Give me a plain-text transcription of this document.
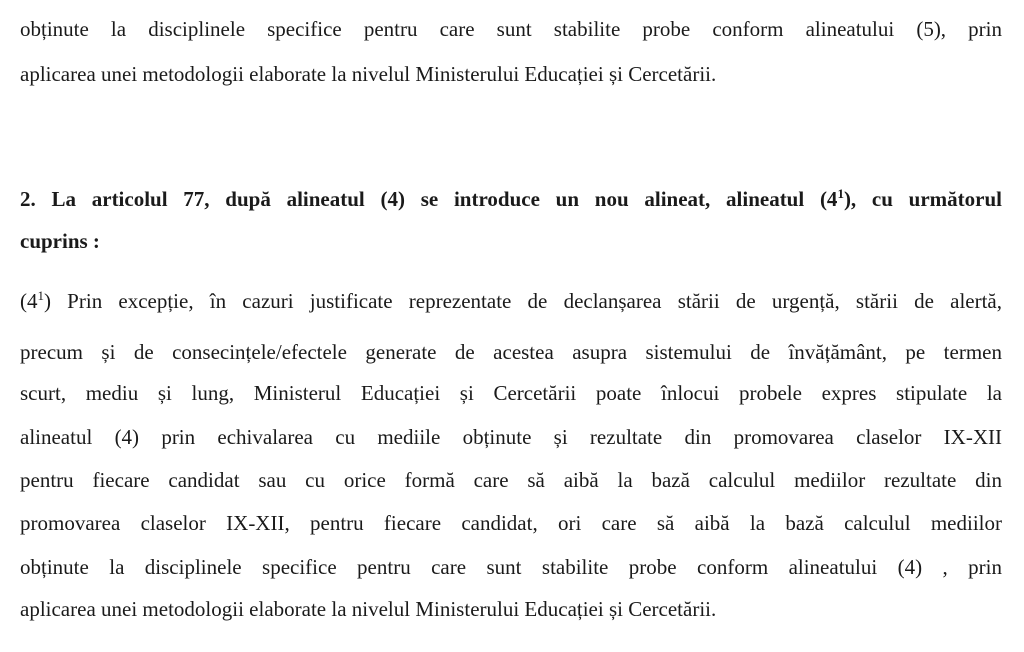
obținute la disciplinele specifice pentru care sunt stabilite probe conform alineatului (5), prin
aplicarea unei metodologii elaborate la nivelul Ministerului Educației și Cercetării.
2. La articolul 77, după alineatul (4) se introduce un nou alineat, alineatul $(4^1)$, cu următorul
cuprins :
$(4^1)$ Prin excepție, în cazuri justificate reprezentate de declanșarea stării de urgență, stării de alertă,
precum și de consecințele/efectele generate de acestea asupra sistemului de învățământ, pe termen
scurt, mediu și lung, Ministerul Educației și Cercetării poate înlocui probele expres stipulate la
alineatul (4) prin echivalarea cu mediile obținute și rezultate din promovarea claselor IX-XII
pentru fiecare candidat sau cu orice formă care să aibă la bază calculul mediilor rezultate din
promovarea claselor IX-XII, pentru fiecare candidat, ori care să aibă la bază calculul mediilor
obținute la disciplinele specifice pentru care sunt stabilite probe conform alineatului (4) , prin
aplicarea unei metodologii elaborate la nivelul Ministerului Educației și Cercetării.
